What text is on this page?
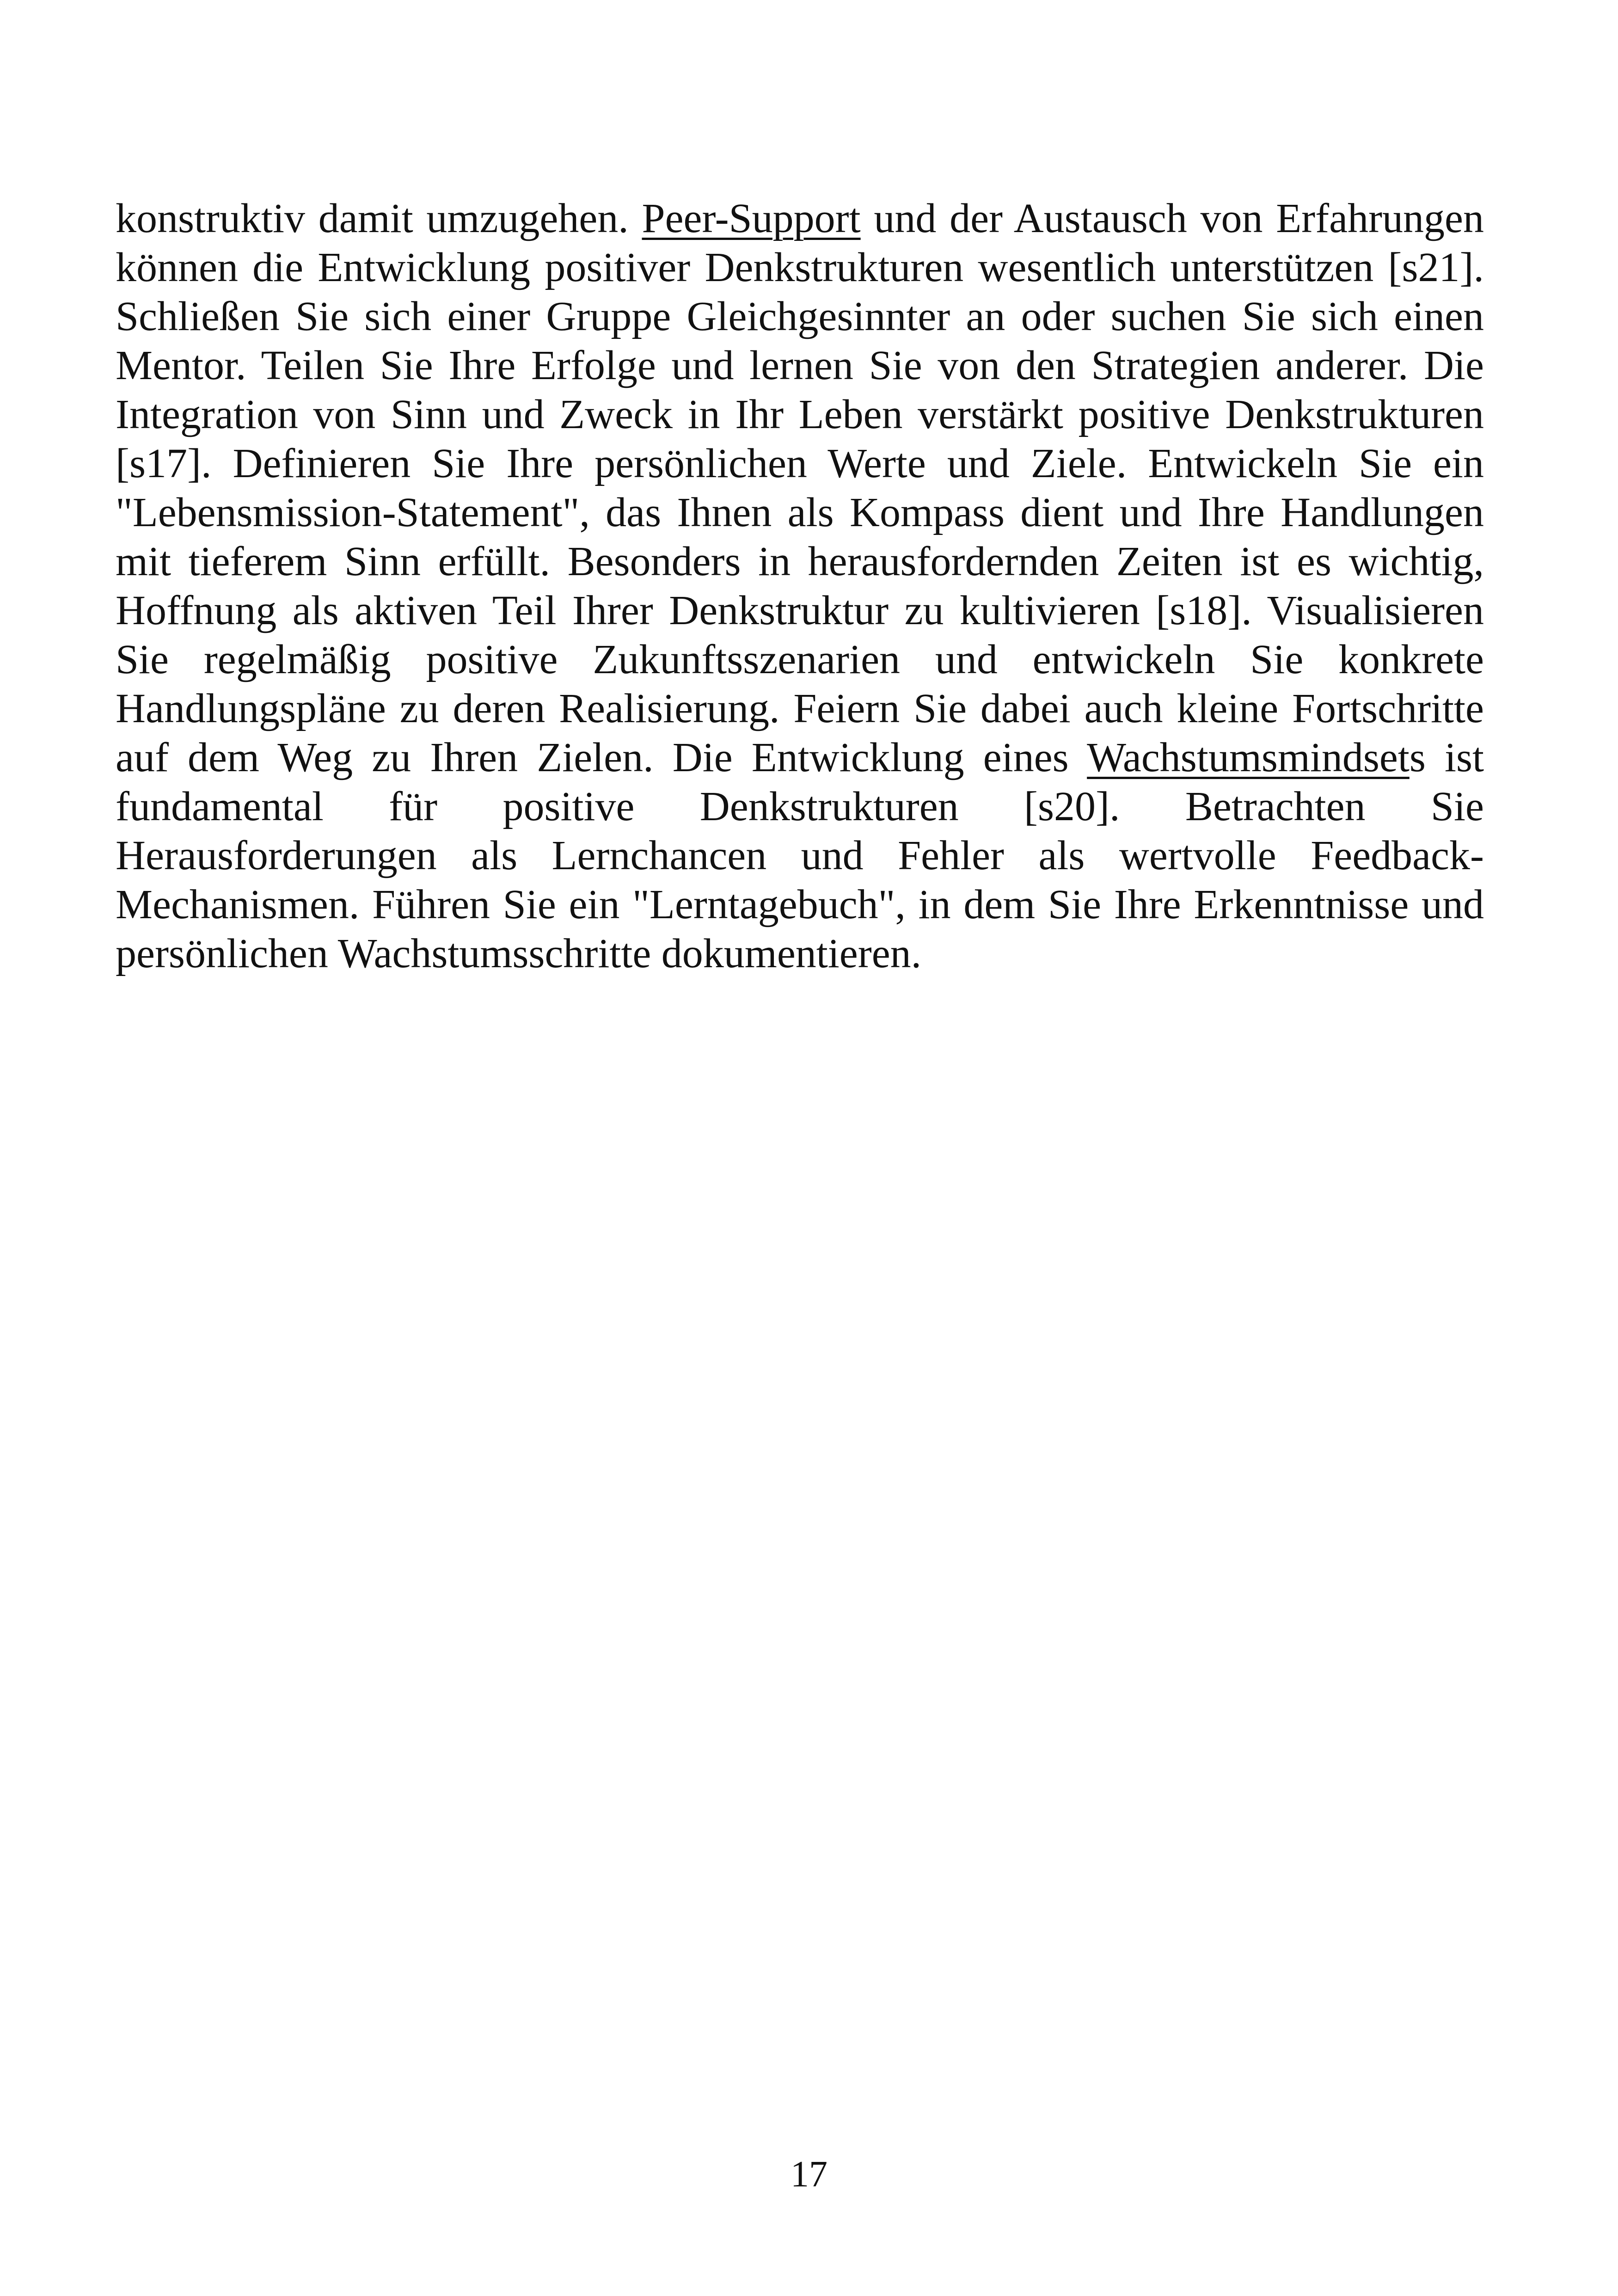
konstruktiv damit umzugehen. Peer-Support und der Austausch von Erfahrungen können die Entwicklung positiver Denkstrukturen wesentlich unterstützen [s21]. Schließen Sie sich einer Gruppe Gleichgesinnter an oder suchen Sie sich einen Mentor. Teilen Sie Ihre Erfolge und lernen Sie von den Strategien anderer. Die Integration von Sinn und Zweck in Ihr Leben verstärkt positive Denkstrukturen [s17]. Definieren Sie Ihre persönlichen Werte und Ziele. Entwickeln Sie ein "Lebensmission-Statement", das Ihnen als Kompass dient und Ihre Handlungen mit tieferem Sinn erfüllt. Besonders in herausfordernden Zeiten ist es wichtig, Hoffnung als aktiven Teil Ihrer Denkstruktur zu kultivieren [s18]. Visualisieren Sie regelmäßig positive Zukunftsszenarien und entwickeln Sie konkrete Handlungspläne zu deren Realisierung. Feiern Sie dabei auch kleine Fortschritte auf dem Weg zu Ihren Zielen. Die Entwicklung eines Wachstumsmindsets ist fundamental für positive Denkstrukturen [s20]. Betrachten Sie Herausforderungen als Lernchancen und Fehler als wertvolle Feedback-Mechanismen. Führen Sie ein "Lerntagebuch", in dem Sie Ihre Erkenntnisse und persönlichen Wachstumsschritte dokumentieren.

17
